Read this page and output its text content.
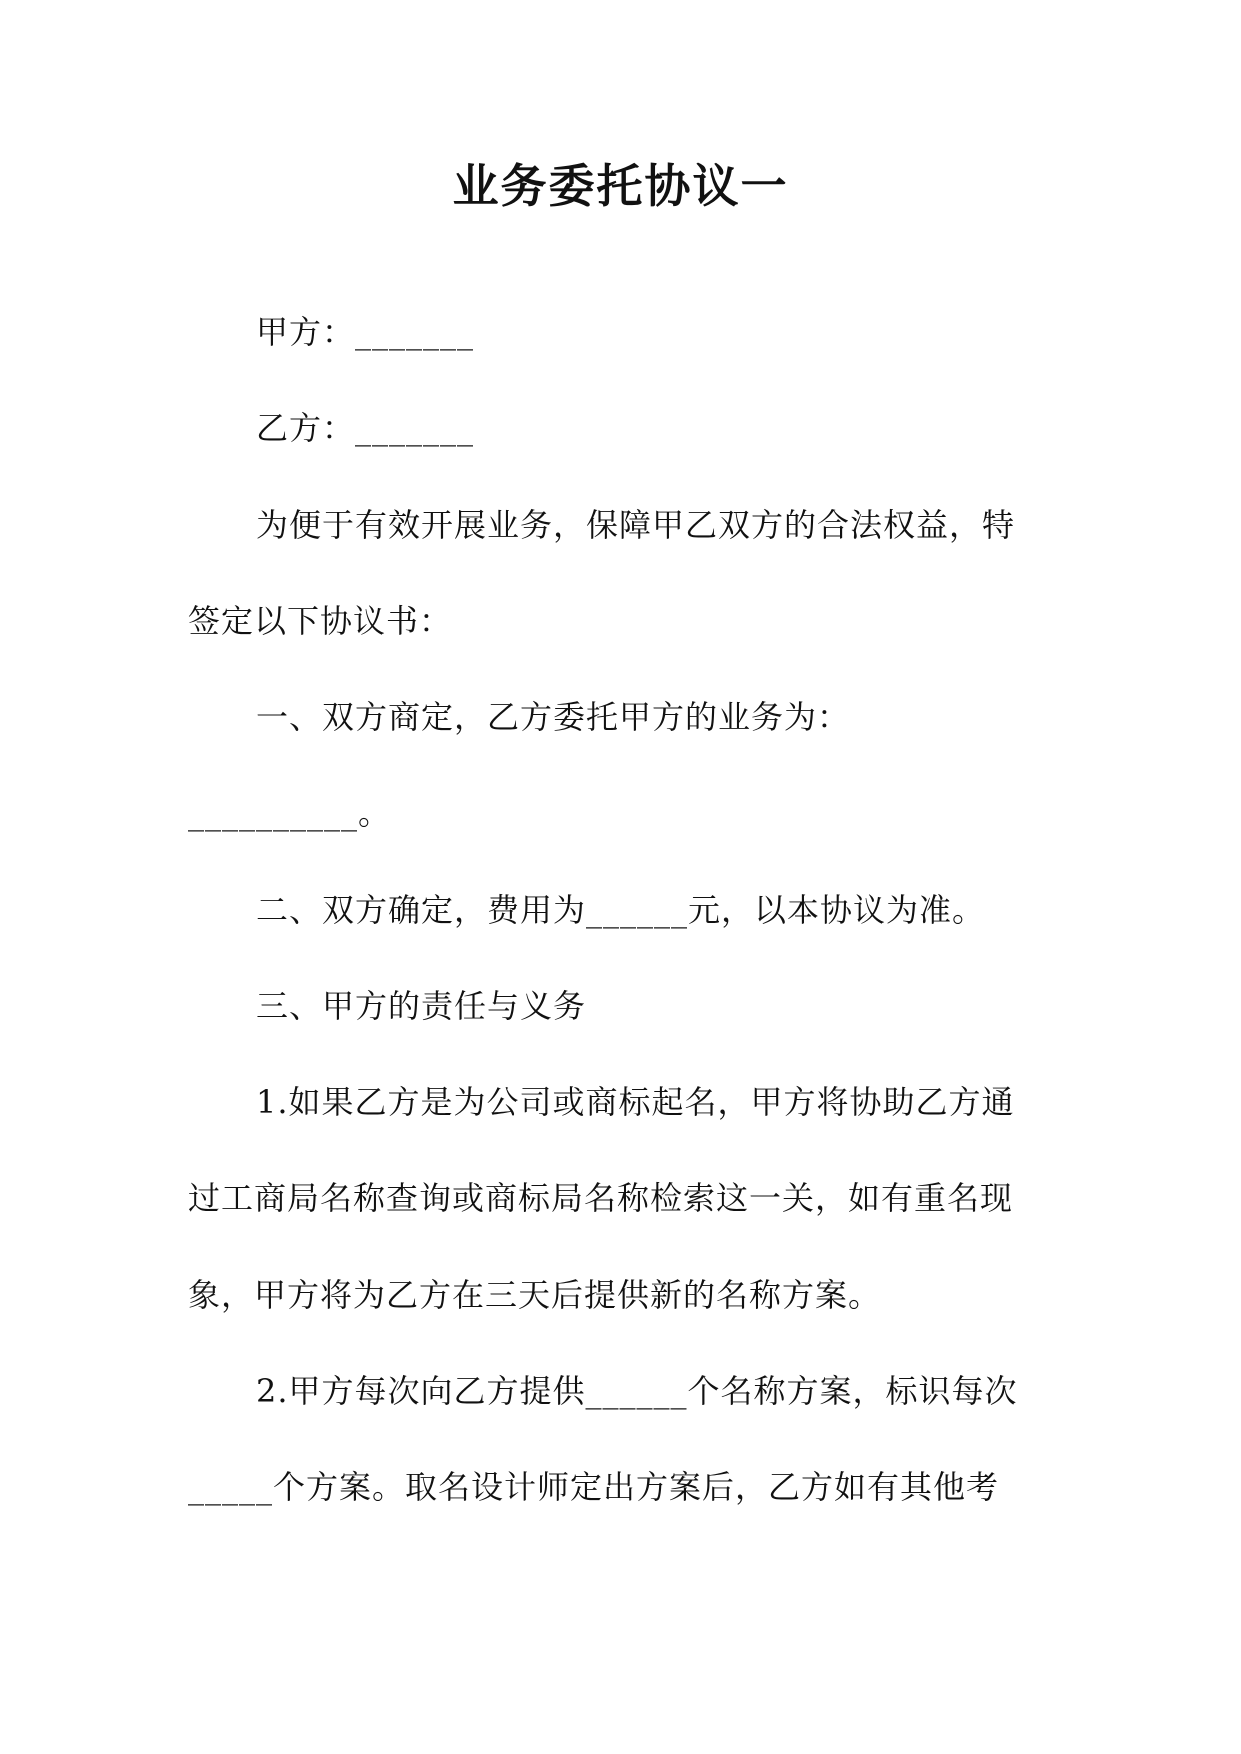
业务委托协议一
甲方：_______
乙方：_______
为便于有效开展业务，保障甲乙双方的合法权益，特
签定以下协议书：
一、双方商定，乙方委托甲方的业务为：
__________。
二、双方确定，费用为______元，以本协议为准。
三、甲方的责任与义务
1.如果乙方是为公司或商标起名，甲方将协助乙方通
过工商局名称查询或商标局名称检索这一关，如有重名现
象，甲方将为乙方在三天后提供新的名称方案。
2.甲方每次向乙方提供______个名称方案，标识每次
_____个方案。取名设计师定出方案后，乙方如有其他考
